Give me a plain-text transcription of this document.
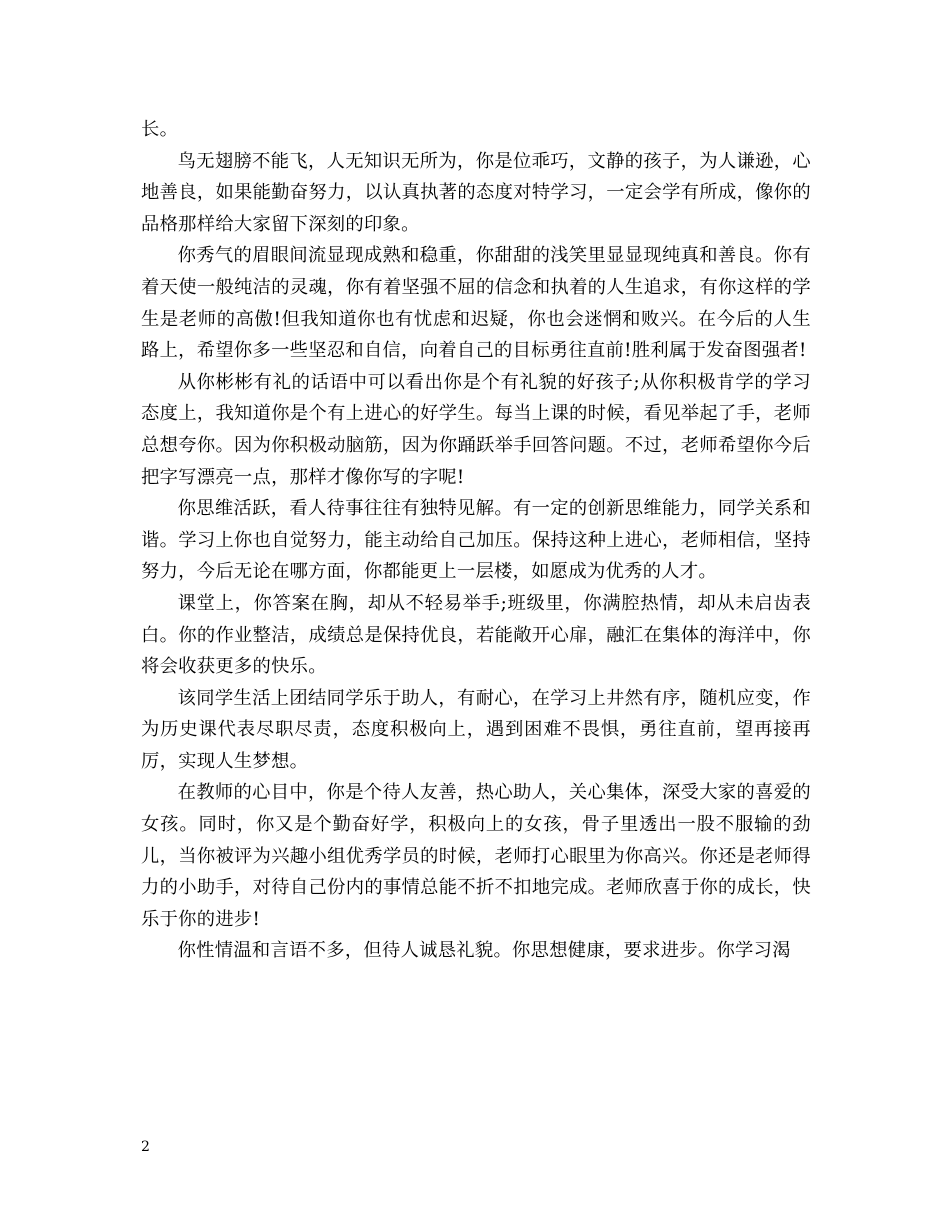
长。

鸟无翅膀不能飞，人无知识无所为，你是位乖巧，文静的孩子，为人谦逊，心地善良，如果能勤奋努力，以认真执著的态度对特学习，一定会学有所成，像你的品格那样给大家留下深刻的印象。

你秀气的眉眼间流显现成熟和稳重，你甜甜的浅笑里显显现纯真和善良。你有着天使一般纯洁的灵魂，你有着坚强不屈的信念和执着的人生追求，有你这样的学生是老师的高傲!但我知道你也有忧虑和迟疑，你也会迷惘和败兴。在今后的人生路上，希望你多一些坚忍和自信，向着自己的目标勇往直前!胜利属于发奋图强者!

从你彬彬有礼的话语中可以看出你是个有礼貌的好孩子;从你积极肯学的学习态度上，我知道你是个有上进心的好学生。每当上课的时候，看见举起了手，老师总想夸你。因为你积极动脑筋，因为你踊跃举手回答问题。不过，老师希望你今后把字写漂亮一点，那样才像你写的字呢!

你思维活跃，看人待事往往有独特见解。有一定的创新思维能力，同学关系和谐。学习上你也自觉努力，能主动给自己加压。保持这种上进心，老师相信，坚持努力，今后无论在哪方面，你都能更上一层楼，如愿成为优秀的人才。

课堂上，你答案在胸，却从不轻易举手;班级里，你满腔热情，却从未启齿表白。你的作业整洁，成绩总是保持优良，若能敞开心扉，融汇在集体的海洋中，你将会收获更多的快乐。

该同学生活上团结同学乐于助人，有耐心，在学习上井然有序，随机应变，作为历史课代表尽职尽责，态度积极向上，遇到困难不畏惧，勇往直前，望再接再厉，实现人生梦想。

在教师的心目中，你是个待人友善，热心助人，关心集体，深受大家的喜爱的女孩。同时，你又是个勤奋好学，积极向上的女孩，骨子里透出一股不服输的劲儿，当你被评为兴趣小组优秀学员的时候，老师打心眼里为你高兴。你还是老师得力的小助手，对待自己份内的事情总能不折不扣地完成。老师欣喜于你的成长，快乐于你的进步!

你性情温和言语不多，但待人诚恳礼貌。你思想健康，要求进步。你学习渴

2
